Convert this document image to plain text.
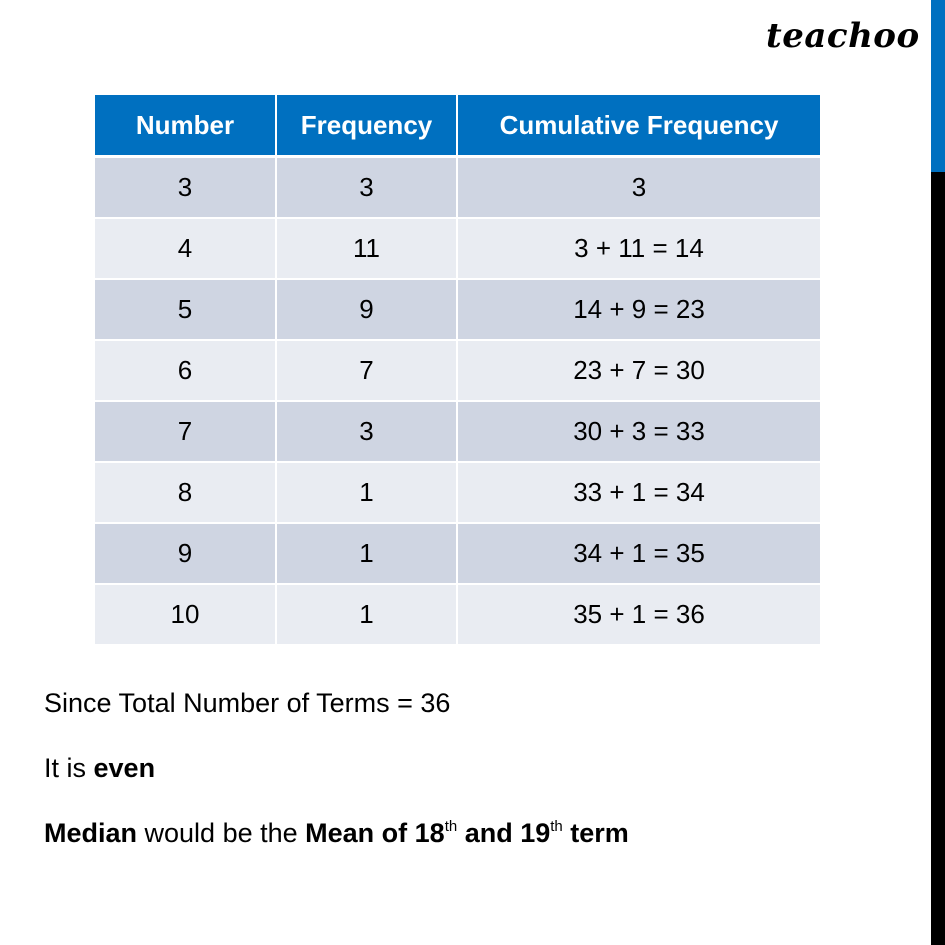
teachoo
Number	Frequency	Cumulative Frequency
3	3	3
4	11	3 + 11 = 14
5	9	14 + 9 = 23
6	7	23 + 7 = 30
7	3	30 + 3 = 33
8	1	33 + 1 = 34
9	1	34 + 1 = 35
10	1	35 + 1 = 36
Since Total Number of Terms = 36
It is even
Median would be the Mean of 18th and 19th term
